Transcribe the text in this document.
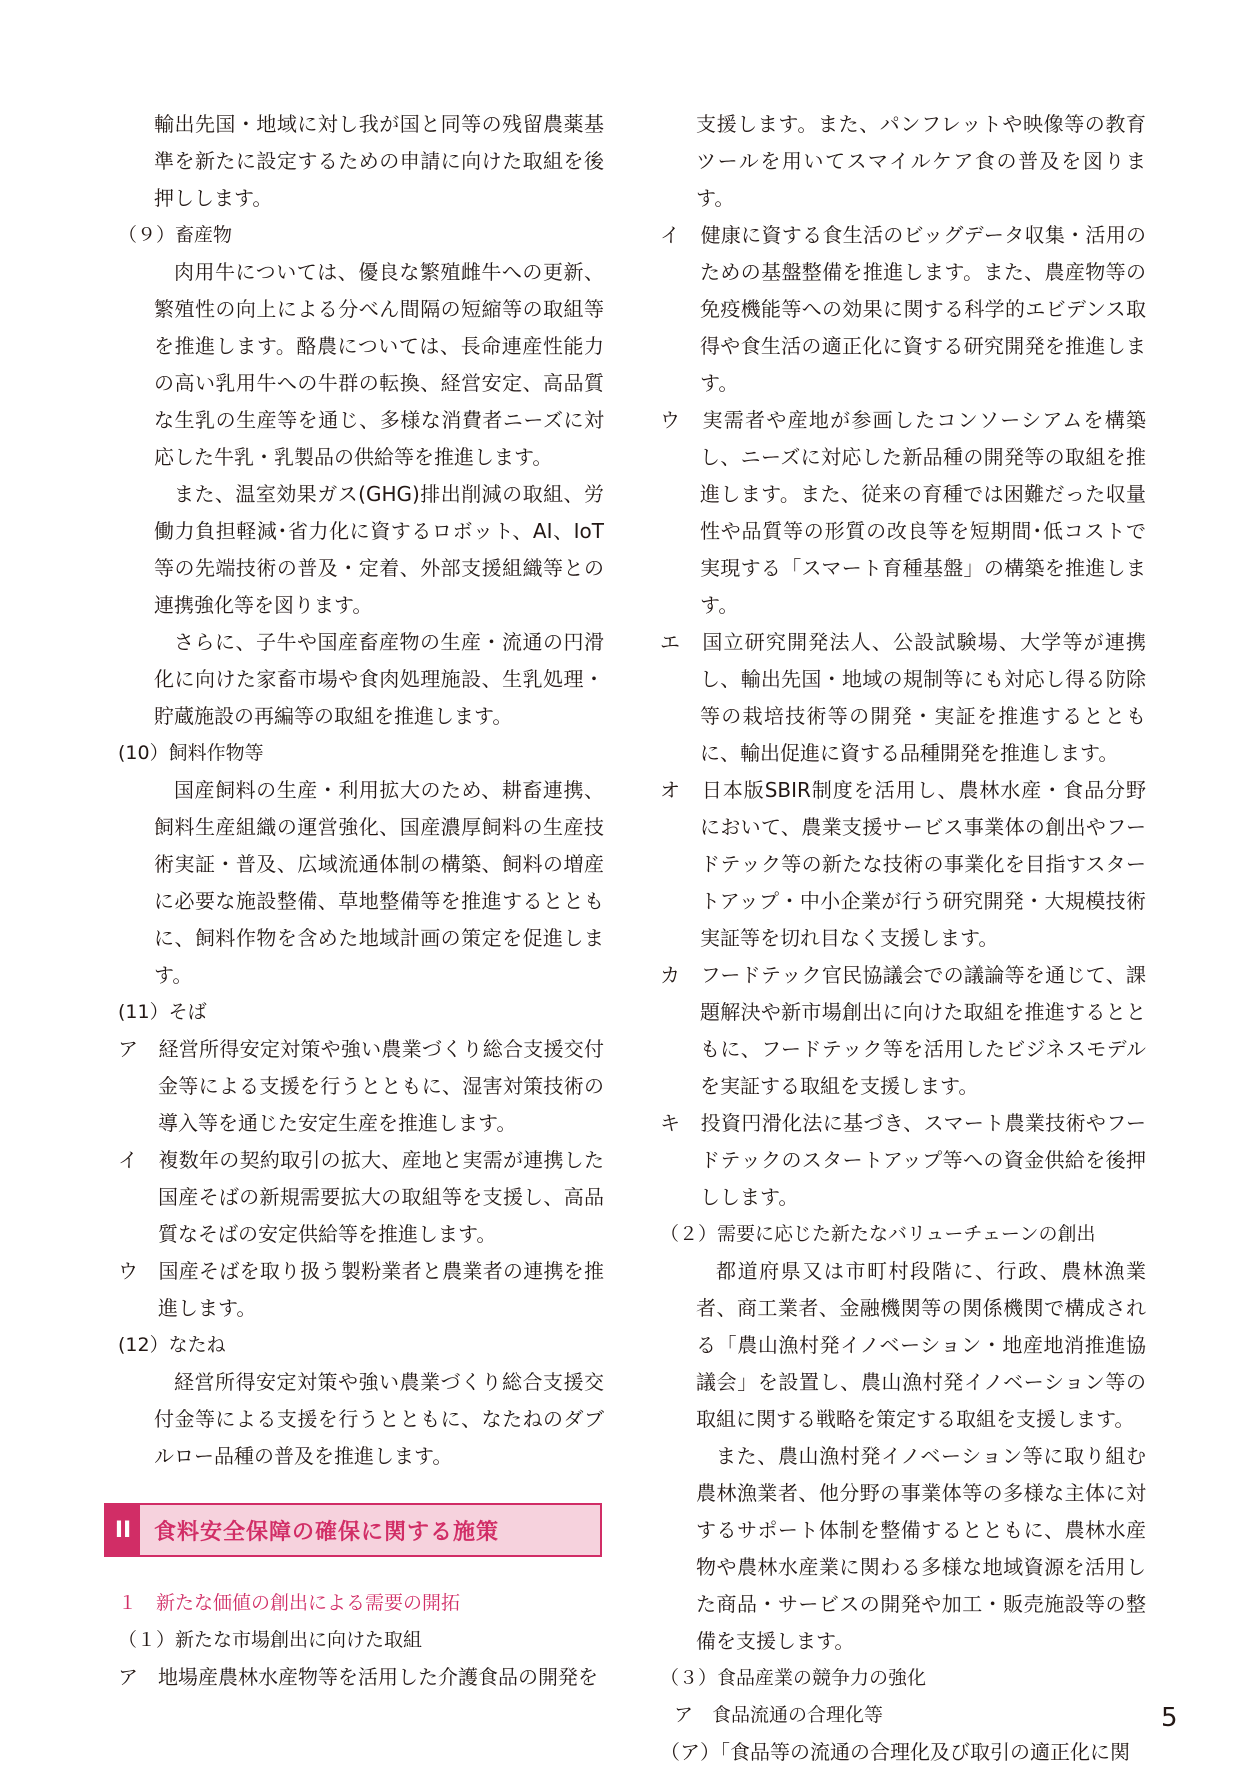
輸出先国・地域に対し我が国と同等の残留農薬基準を新たに設定するための申請に向けた取組を後押しします。

（９）畜産物

肉用牛については、優良な繁殖雌牛への更新、繁殖性の向上による分べん間隔の短縮等の取組等を推進します。酪農については、長命連産性能力の高い乳用牛への牛群の転換、経営安定、高品質な生乳の生産等を通じ、多様な消費者ニーズに対応した牛乳・乳製品の供給等を推進します。

また、温室効果ガス(GHG)排出削減の取組、労働力負担軽減･省力化に資するロボット、AI、IoT等の先端技術の普及・定着、外部支援組織等との連携強化等を図ります。

さらに、子牛や国産畜産物の生産・流通の円滑化に向けた家畜市場や食肉処理施設、生乳処理・貯蔵施設の再編等の取組を推進します。

(10）飼料作物等

国産飼料の生産・利用拡大のため、耕畜連携、飼料生産組織の運営強化、国産濃厚飼料の生産技術実証・普及、広域流通体制の構築、飼料の増産に必要な施設整備、草地整備等を推進するとともに、飼料作物を含めた地域計画の策定を促進します。

(11）そば

ア　経営所得安定対策や強い農業づくり総合支援交付金等による支援を行うとともに、湿害対策技術の導入等を通じた安定生産を推進します。

イ　複数年の契約取引の拡大、産地と実需が連携した国産そばの新規需要拡大の取組等を支援し、高品質なそばの安定供給等を推進します。

ウ　国産そばを取り扱う製粉業者と農業者の連携を推進します。

(12）なたね

経営所得安定対策や強い農業づくり総合支援交付金等による支援を行うとともに、なたねのダブルロー品種の普及を推進します。

II	食料安全保障の確保に関する施策

１　新たな価値の創出による需要の開拓

（１）新たな市場創出に向けた取組

ア　地場産農林水産物等を活用した介護食品の開発を

支援します。また、パンフレットや映像等の教育ツールを用いてスマイルケア食の普及を図ります。

イ　健康に資する食生活のビッグデータ収集・活用のための基盤整備を推進します。また、農産物等の免疫機能等への効果に関する科学的エビデンス取得や食生活の適正化に資する研究開発を推進します。

ウ　実需者や産地が参画したコンソーシアムを構築し、ニーズに対応した新品種の開発等の取組を推進します。また、従来の育種では困難だった収量性や品質等の形質の改良等を短期間･低コストで実現する「スマート育種基盤」の構築を推進します。

エ　国立研究開発法人、公設試験場、大学等が連携し、輸出先国・地域の規制等にも対応し得る防除等の栽培技術等の開発・実証を推進するとともに、輸出促進に資する品種開発を推進します。

オ　日本版SBIR制度を活用し、農林水産・食品分野において、農業支援サービス事業体の創出やフードテック等の新たな技術の事業化を目指すスタートアップ・中小企業が行う研究開発・大規模技術実証等を切れ目なく支援します。

カ　フードテック官民協議会での議論等を通じて、課題解決や新市場創出に向けた取組を推進するとともに、フードテック等を活用したビジネスモデルを実証する取組を支援します。

キ　投資円滑化法に基づき、スマート農業技術やフードテックのスタートアップ等への資金供給を後押しします。

（２）需要に応じた新たなバリューチェーンの創出

都道府県又は市町村段階に、行政、農林漁業者、商工業者、金融機関等の関係機関で構成される「農山漁村発イノベーション・地産地消推進協議会」を設置し、農山漁村発イノベーション等の取組に関する戦略を策定する取組を支援します。

また、農山漁村発イノベーション等に取り組む農林漁業者、他分野の事業体等の多様な主体に対するサポート体制を整備するとともに、農林水産物や農林水産業に関わる多様な地域資源を活用した商品・サービスの開発や加工・販売施設等の整備を支援します。

（３）食品産業の競争力の強化

ア　食品流通の合理化等

（ア）「食品等の流通の合理化及び取引の適正化に関

5
